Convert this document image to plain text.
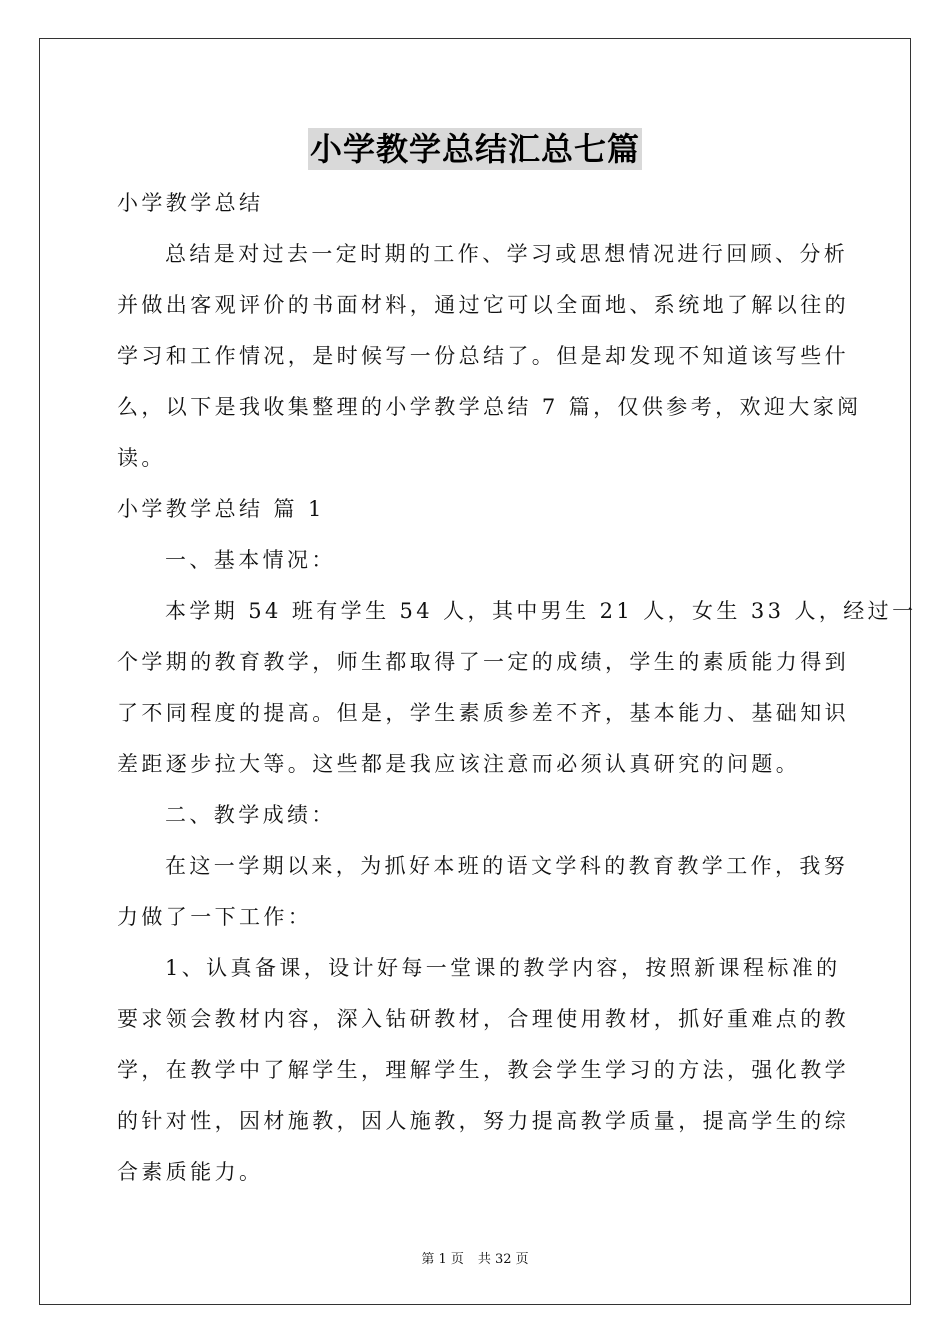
小学教学总结汇总七篇
小学教学总结
总结是对过去一定时期的工作、学习或思想情况进行回顾、分析
并做出客观评价的书面材料，通过它可以全面地、系统地了解以往的
学习和工作情况，是时候写一份总结了。但是却发现不知道该写些什
么，以下是我收集整理的小学教学总结 7 篇，仅供参考，欢迎大家阅
读。
小学教学总结 篇 1
一、基本情况：
本学期 54 班有学生 54 人，其中男生 21 人，女生 33 人，经过一
个学期的教育教学，师生都取得了一定的成绩，学生的素质能力得到
了不同程度的提高。但是，学生素质参差不齐，基本能力、基础知识
差距逐步拉大等。这些都是我应该注意而必须认真研究的问题。
二、教学成绩：
在这一学期以来，为抓好本班的语文学科的教育教学工作，我努
力做了一下工作：
1、认真备课，设计好每一堂课的教学内容，按照新课程标准的
要求领会教材内容，深入钻研教材，合理使用教材，抓好重难点的教
学，在教学中了解学生，理解学生，教会学生学习的方法，强化教学
的针对性，因材施教，因人施教，努力提高教学质量，提高学生的综
合素质能力。
第 1 页 共 32 页
